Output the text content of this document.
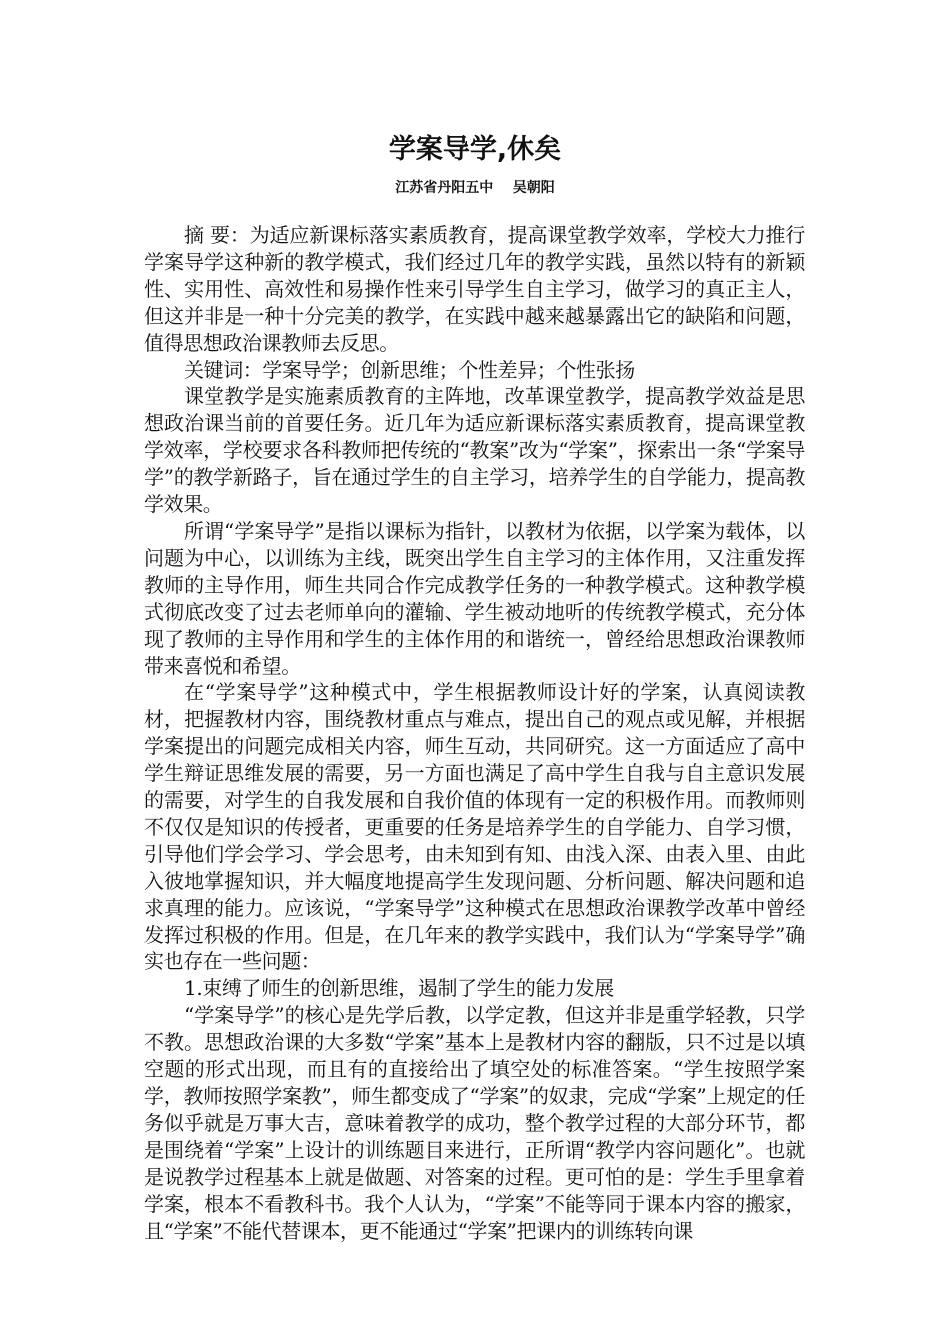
学案导学,休矣
江苏省丹阳五中    吴朝阳

摘 要：为适应新课标落实素质教育，提高课堂教学效率，学校大力推行学案导学这种新的教学模式，我们经过几年的教学实践，虽然以特有的新颖性、实用性、高效性和易操作性来引导学生自主学习，做学习的真正主人，但这并非是一种十分完美的教学，在实践中越来越暴露出它的缺陷和问题，值得思想政治课教师去反思。

关键词：学案导学；创新思维；个性差异；个性张扬

课堂教学是实施素质教育的主阵地，改革课堂教学，提高教学效益是思想政治课当前的首要任务。近几年为适应新课标落实素质教育，提高课堂教学效率，学校要求各科教师把传统的“教案”改为“学案”，探索出一条“学案导学”的教学新路子，旨在通过学生的自主学习，培养学生的自学能力，提高教学效果。

所谓“学案导学”是指以课标为指针，以教材为依据，以学案为载体，以问题为中心，以训练为主线，既突出学生自主学习的主体作用，又注重发挥教师的主导作用，师生共同合作完成教学任务的一种教学模式。这种教学模式彻底改变了过去老师单向的灌输、学生被动地听的传统教学模式，充分体现了教师的主导作用和学生的主体作用的和谐统一，曾经给思想政治课教师带来喜悦和希望。

在“学案导学”这种模式中，学生根据教师设计好的学案，认真阅读教材，把握教材内容，围绕教材重点与难点，提出自己的观点或见解，并根据学案提出的问题完成相关内容，师生互动，共同研究。这一方面适应了高中学生辩证思维发展的需要，另一方面也满足了高中学生自我与自主意识发展的需要，对学生的自我发展和自我价值的体现有一定的积极作用。而教师则不仅仅是知识的传授者，更重要的任务是培养学生的自学能力、自学习惯，引导他们学会学习、学会思考，由未知到有知、由浅入深、由表入里、由此入彼地掌握知识，并大幅度地提高学生发现问题、分析问题、解决问题和追求真理的能力。应该说，“学案导学”这种模式在思想政治课教学改革中曾经发挥过积极的作用。但是，在几年来的教学实践中，我们认为“学案导学”确实也存在一些问题：

1.束缚了师生的创新思维，遏制了学生的能力发展

“学案导学”的核心是先学后教，以学定教，但这并非是重学轻教，只学不教。思想政治课的大多数“学案”基本上是教材内容的翻版，只不过是以填空题的形式出现，而且有的直接给出了填空处的标准答案。“学生按照学案学，教师按照学案教”，师生都变成了“学案”的奴隶，完成“学案”上规定的任务似乎就是万事大吉，意味着教学的成功，整个教学过程的大部分环节，都是围绕着“学案”上设计的训练题目来进行，正所谓“教学内容问题化”。也就是说教学过程基本上就是做题、对答案的过程。更可怕的是：学生手里拿着学案，根本不看教科书。我个人认为，“学案”不能等同于课本内容的搬家，且“学案”不能代替课本，更不能通过“学案”把课内的训练转向课
